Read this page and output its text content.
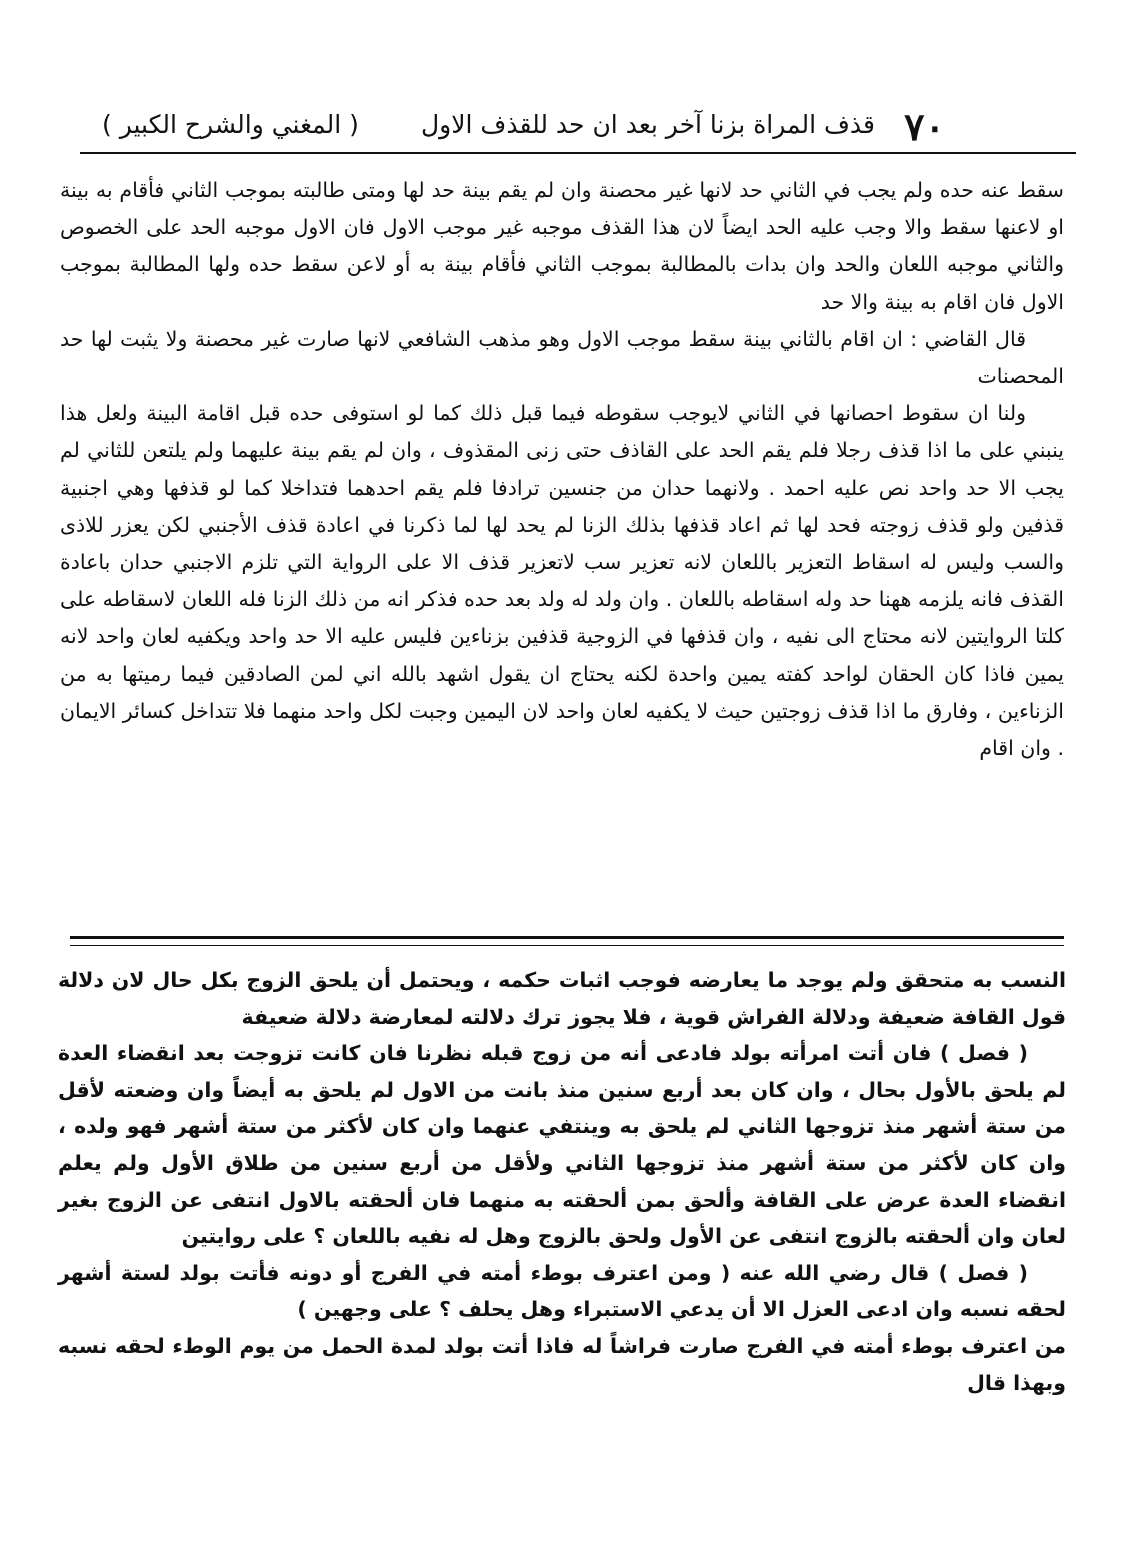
٧٠
قذف المراة بزنا آخر بعد ان حد للقذف الاول
( المغني والشرح الكبير )

سقط عنه حده ولم يجب في الثاني حد لانها غير محصنة وان لم يقم بينة حد لها ومتى طالبته بموجب الثاني فأقام به بينة او لاعنها سقط والا وجب عليه الحد ايضاً لان هذا القذف موجبه غير موجب الاول فان الاول موجبه الحد على الخصوص والثاني موجبه اللعان والحد وان بدات بالمطالبة بموجب الثاني فأقام بينة به أو لاعن سقط حده ولها المطالبة بموجب الاول فان اقام به بينة والا حد

قال القاضي : ان اقام بالثاني بينة سقط موجب الاول وهو مذهب الشافعي لانها صارت غير محصنة ولا يثبت لها حد المحصنات

ولنا ان سقوط احصانها في الثاني لايوجب سقوطه فيما قبل ذلك كما لو استوفى حده قبل اقامة البينة ولعل هذا ينبني على ما اذا قذف رجلا فلم يقم الحد على القاذف حتى زنى المقذوف ، وان لم يقم بينة عليهما ولم يلتعن للثاني لم يجب الا حد واحد نص عليه احمد . ولانهما حدان من جنسين ترادفا فلم يقم احدهما فتداخلا كما لو قذفها وهي اجنبية قذفين ولو قذف زوجته فحد لها ثم اعاد قذفها بذلك الزنا لم يحد لها لما ذكرنا في اعادة قذف الأجنبي لكن يعزر للاذى والسب وليس له اسقاط التعزير باللعان لانه تعزير سب لاتعزير قذف الا على الرواية التي تلزم الاجنبي حدان باعادة القذف فانه يلزمه ههنا حد وله اسقاطه باللعان . وان ولد له ولد بعد حده فذكر انه من ذلك الزنا فله اللعان لاسقاطه على كلتا الروايتين لانه محتاج الى نفيه ، وان قذفها في الزوجية قذفين بزناءين فليس عليه الا حد واحد ويكفيه لعان واحد لانه يمين فاذا كان الحقان لواحد كفته يمين واحدة لكنه يحتاج ان يقول اشهد بالله اني لمن الصادقين فيما رميتها به من الزناءين ، وفارق ما اذا قذف زوجتين حيث لا يكفيه لعان واحد لان اليمين وجبت لكل واحد منهما فلا تتداخل كسائر الايمان . وان اقام

النسب به متحقق ولم يوجد ما يعارضه فوجب اثبات حكمه ، ويحتمل أن يلحق الزوج بكل حال لان دلالة قول القافة ضعيفة ودلالة الفراش قوية ، فلا يجوز ترك دلالته لمعارضة دلالة ضعيفة

( فصل ) فان أتت امرأته بولد فادعى أنه من زوج قبله نظرنا فان كانت تزوجت بعد انقضاء العدة لم يلحق بالأول بحال ، وان كان بعد أربع سنين منذ بانت من الاول لم يلحق به أيضاً وان وضعته لأقل من ستة أشهر منذ تزوجها الثاني لم يلحق به وينتفي عنهما وان كان لأكثر من ستة أشهر فهو ولده ، وان كان لأكثر من ستة أشهر منذ تزوجها الثاني ولأقل من أربع سنين من طلاق الأول ولم يعلم انقضاء العدة عرض على القافة وألحق بمن ألحقته به منهما فان ألحقته بالاول انتفى عن الزوج بغير لعان وان ألحقته بالزوج انتفى عن الأول ولحق بالزوج وهل له نفيه باللعان ؟ على روايتين

( فصل ) قال رضي الله عنه ( ومن اعترف بوطء أمته في الفرج أو دونه فأتت بولد لستة أشهر لحقه نسبه وان ادعى العزل الا أن يدعي الاستبراء وهل يحلف ؟ على وجهين )

من اعترف بوطء أمته في الفرج صارت فراشاً له فاذا أتت بولد لمدة الحمل من يوم الوطء لحقه نسبه وبهذا قال
